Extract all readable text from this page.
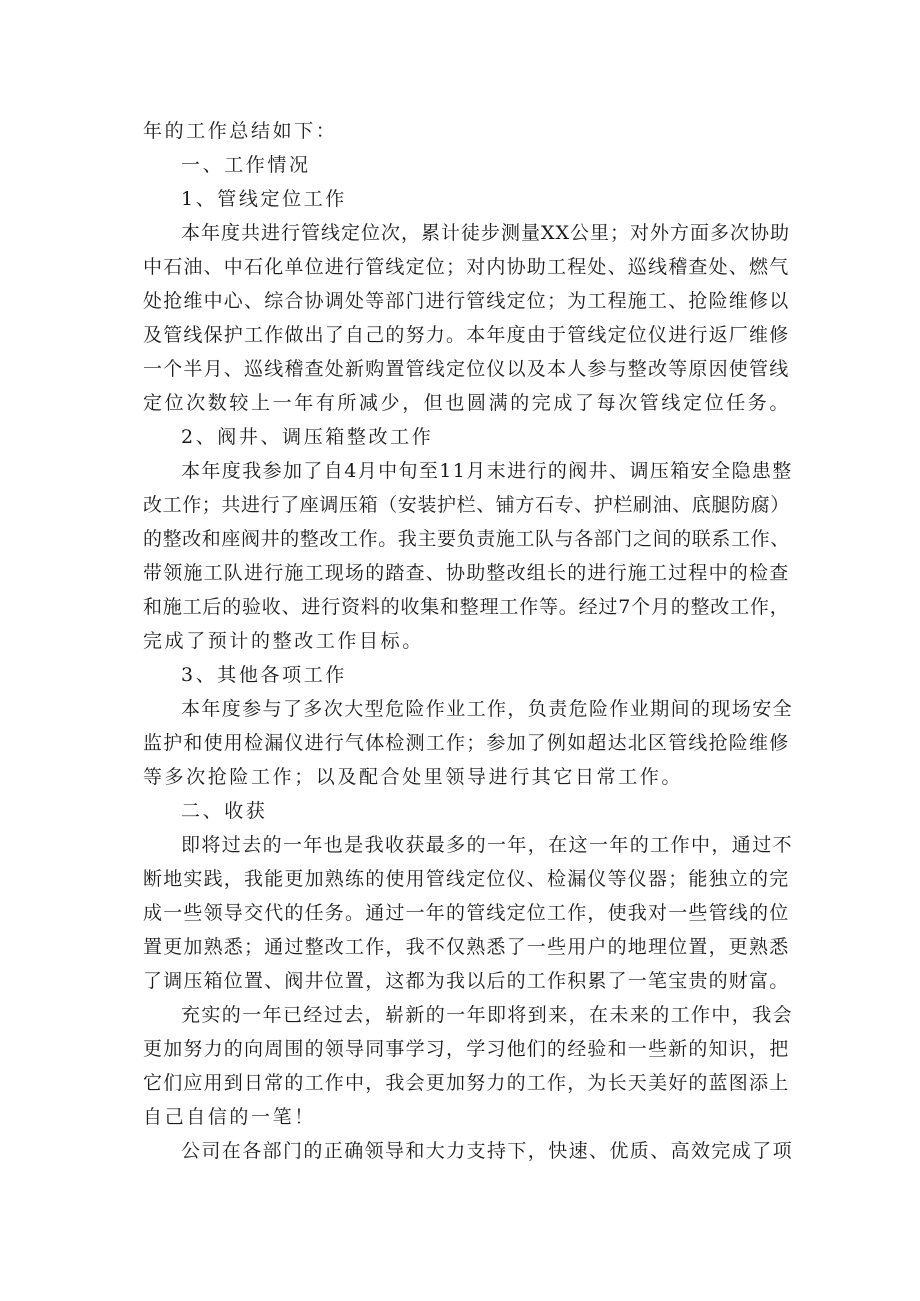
年的工作总结如下：
一、工作情况
1、管线定位工作
本年度共进行管线定位次，累计徒步测量XX公里；对外方面多次协助
中石油、中石化单位进行管线定位；对内协助工程处、巡线稽查处、燃气
处抢维中心、综合协调处等部门进行管线定位；为工程施工、抢险维修以
及管线保护工作做出了自己的努力。本年度由于管线定位仪进行返厂维修
一个半月、巡线稽查处新购置管线定位仪以及本人参与整改等原因使管线
定位次数较上一年有所减少，但也圆满的完成了每次管线定位任务。
2、阀井、调压箱整改工作
本年度我参加了自4月中旬至11月末进行的阀井、调压箱安全隐患整
改工作；共进行了座调压箱（安装护栏、铺方石专、护栏刷油、底腿防腐）
的整改和座阀井的整改工作。我主要负责施工队与各部门之间的联系工作、
带领施工队进行施工现场的踏查、协助整改组长的进行施工过程中的检查
和施工后的验收、进行资料的收集和整理工作等。经过7个月的整改工作，
完成了预计的整改工作目标。
3、其他各项工作
本年度参与了多次大型危险作业工作，负责危险作业期间的现场安全
监护和使用检漏仪进行气体检测工作；参加了例如超达北区管线抢险维修
等多次抢险工作；以及配合处里领导进行其它日常工作。
二、收获
即将过去的一年也是我收获最多的一年，在这一年的工作中，通过不
断地实践，我能更加熟练的使用管线定位仪、检漏仪等仪器；能独立的完
成一些领导交代的任务。通过一年的管线定位工作，使我对一些管线的位
置更加熟悉；通过整改工作，我不仅熟悉了一些用户的地理位置，更熟悉
了调压箱位置、阀井位置，这都为我以后的工作积累了一笔宝贵的财富。
充实的一年已经过去，崭新的一年即将到来，在未来的工作中，我会
更加努力的向周围的领导同事学习，学习他们的经验和一些新的知识，把
它们应用到日常的工作中，我会更加努力的工作，为长天美好的蓝图添上
自己自信的一笔！
公司在各部门的正确领导和大力支持下，快速、优质、高效完成了项
